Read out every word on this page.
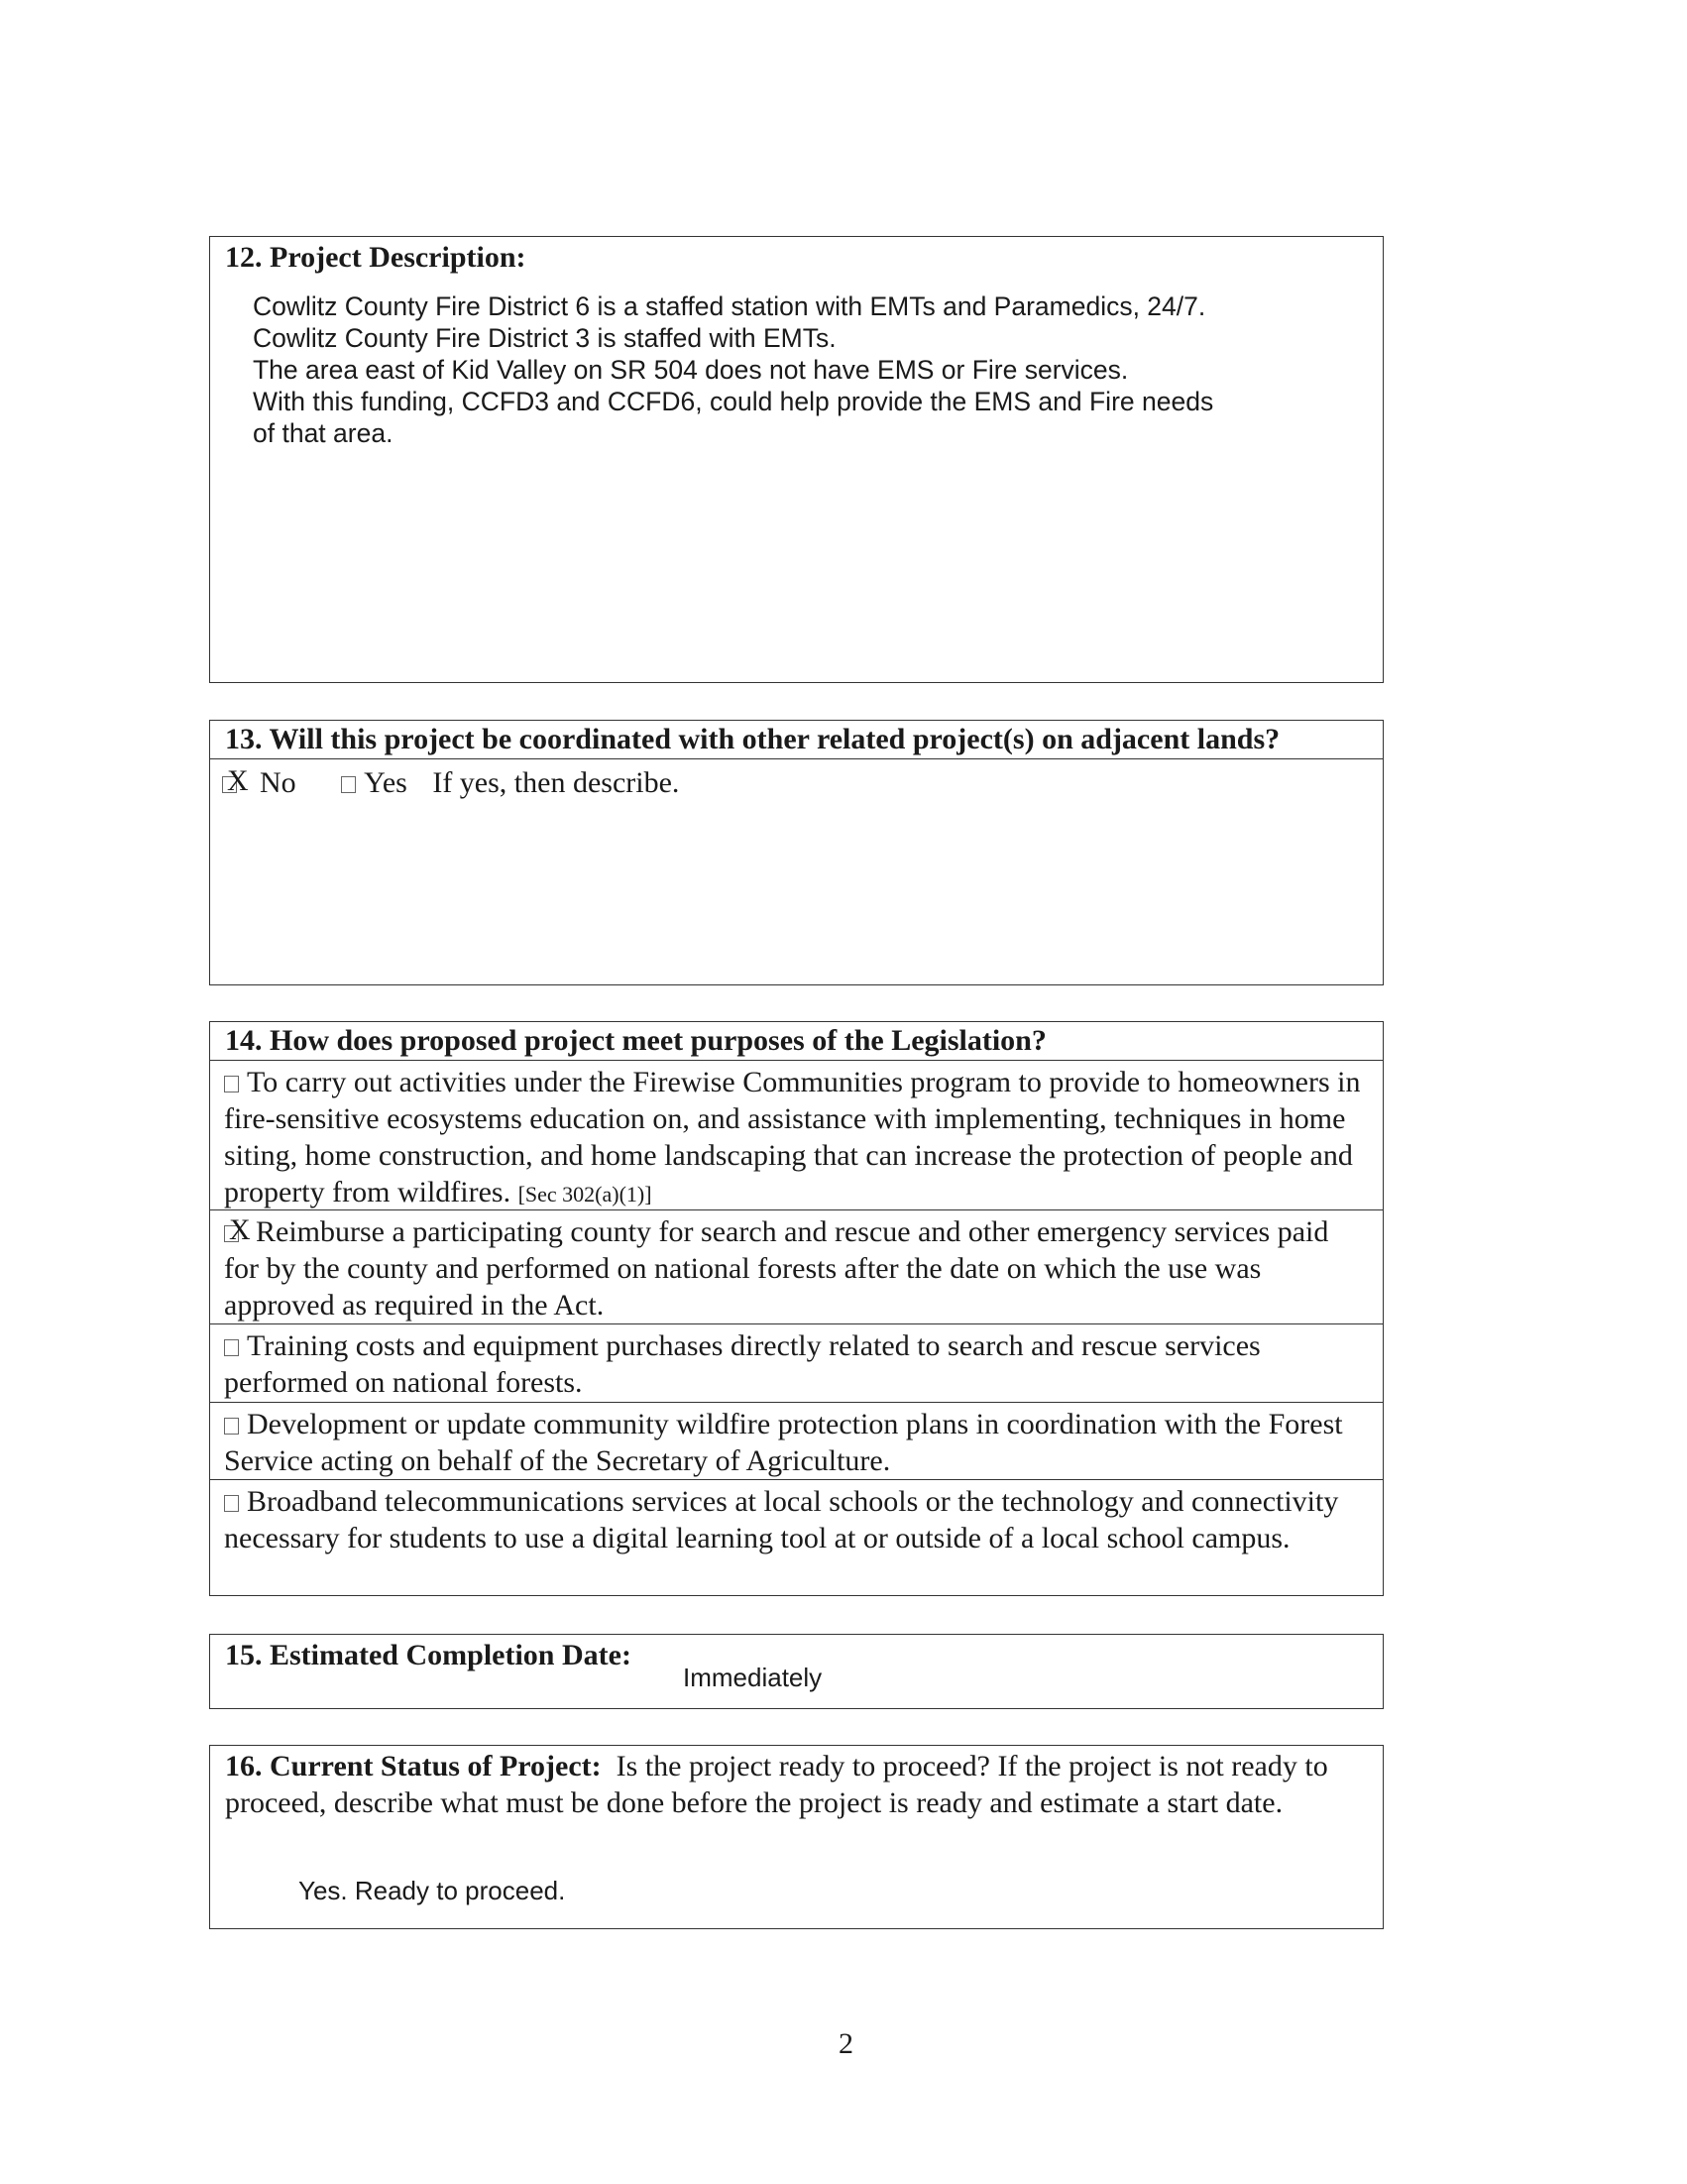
12. Project Description:
Cowlitz County Fire District 6 is a staffed station with EMTs and Paramedics, 24/7.
Cowlitz County Fire District 3 is staffed with EMTs.
The area east of Kid Valley on SR 504 does not have EMS or Fire services.
With this funding, CCFD3 and CCFD6, could help provide the EMS and Fire needs
of that area.
13. Will this project be coordinated with other related project(s) on adjacent lands?
X No Yes If yes, then describe.
14. How does proposed project meet purposes of the Legislation?
To carry out activities under the Firewise Communities program to provide to homeowners in fire-sensitive ecosystems education on, and assistance with implementing, techniques in home siting, home construction, and home landscaping that can increase the protection of people and property from wildfires. [Sec 302(a)(1)]
X Reimburse a participating county for search and rescue and other emergency services paid for by the county and performed on national forests after the date on which the use was approved as required in the Act.
Training costs and equipment purchases directly related to search and rescue services performed on national forests.
Development or update community wildfire protection plans in coordination with the Forest Service acting on behalf of the Secretary of Agriculture.
Broadband telecommunications services at local schools or the technology and connectivity necessary for students to use a digital learning tool at or outside of a local school campus.
15. Estimated Completion Date:
Immediately
16. Current Status of Project: Is the project ready to proceed? If the project is not ready to proceed, describe what must be done before the project is ready and estimate a start date.
Yes. Ready to proceed.
2
